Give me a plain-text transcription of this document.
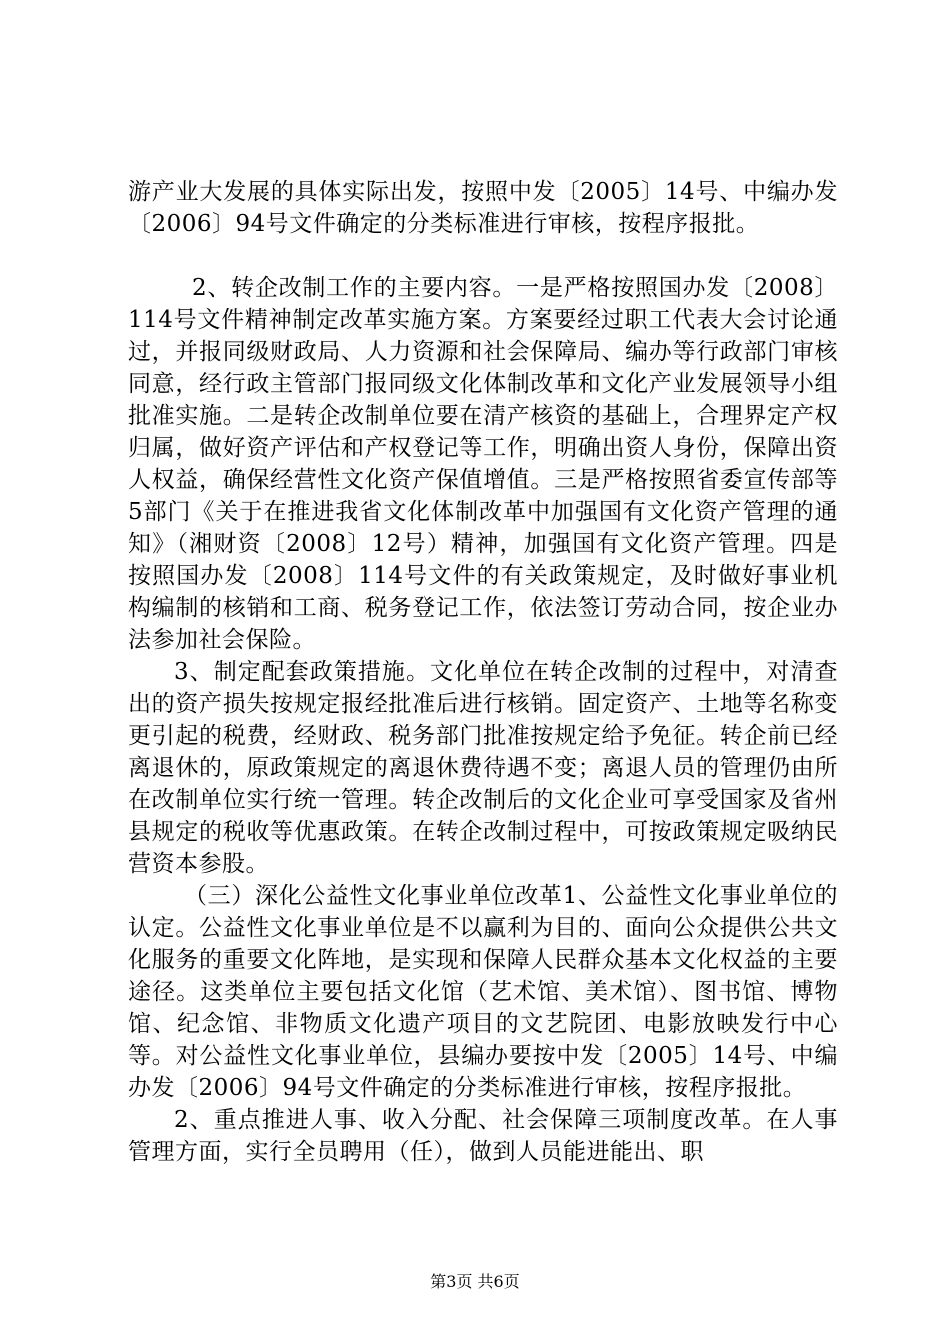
游产业大发展的具体实际出发，按照中发〔2005〕14号、中编办发〔2006〕94号文件确定的分类标准进行审核，按程序报批。

2、转企改制工作的主要内容。一是严格按照国办发〔2008〕114号文件精神制定改革实施方案。方案要经过职工代表大会讨论通过，并报同级财政局、人力资源和社会保障局、编办等行政部门审核同意，经行政主管部门报同级文化体制改革和文化产业发展领导小组批准实施。二是转企改制单位要在清产核资的基础上，合理界定产权归属，做好资产评估和产权登记等工作，明确出资人身份，保障出资人权益，确保经营性文化资产保值增值。三是严格按照省委宣传部等5部门《关于在推进我省文化体制改革中加强国有文化资产管理的通知》（湘财资〔2008〕12号）精神，加强国有文化资产管理。四是按照国办发〔2008〕114号文件的有关政策规定，及时做好事业机构编制的核销和工商、税务登记工作，依法签订劳动合同，按企业办法参加社会保险。

3、制定配套政策措施。文化单位在转企改制的过程中，对清查出的资产损失按规定报经批准后进行核销。固定资产、土地等名称变更引起的税费，经财政、税务部门批准按规定给予免征。转企前已经离退休的，原政策规定的离退休费待遇不变；离退人员的管理仍由所在改制单位实行统一管理。转企改制后的文化企业可享受国家及省州县规定的税收等优惠政策。在转企改制过程中，可按政策规定吸纳民营资本参股。

（三）深化公益性文化事业单位改革1、公益性文化事业单位的认定。公益性文化事业单位是不以赢利为目的、面向公众提供公共文化服务的重要文化阵地，是实现和保障人民群众基本文化权益的主要途径。这类单位主要包括文化馆（艺术馆、美术馆）、图书馆、博物馆、纪念馆、非物质文化遗产项目的文艺院团、电影放映发行中心等。对公益性文化事业单位，县编办要按中发〔2005〕14号、中编办发〔2006〕94号文件确定的分类标准进行审核，按程序报批。

2、重点推进人事、收入分配、社会保障三项制度改革。在人事管理方面，实行全员聘用（任），做到人员能进能出、职

第3页 共6页
